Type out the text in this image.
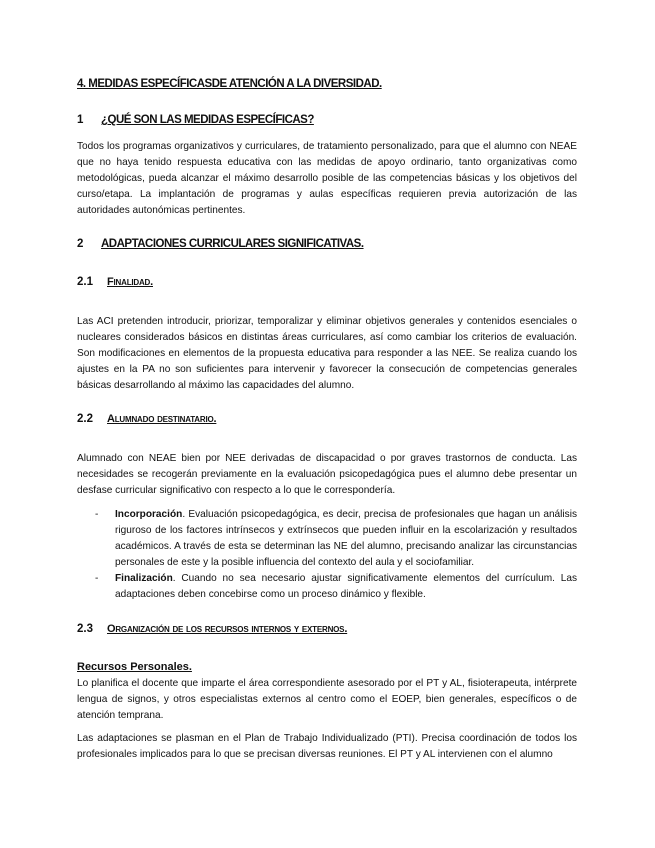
4. MEDIDAS ESPECÍFICASDE ATENCIÓN A LA DIVERSIDAD.
1 ¿QUÉ SON LAS MEDIDAS ESPECÍFICAS?

Todos los programas organizativos y curriculares, de tratamiento personalizado, para que el alumno con NEAE que no haya tenido respuesta educativa con las medidas de apoyo ordinario, tanto organizativas como metodológicas, pueda alcanzar el máximo desarrollo posible de las competencias básicas y los objetivos del curso/etapa. La implantación de programas y aulas específicas requieren previa autorización de las autoridades autonómicas pertinentes.

2 ADAPTACIONES CURRICULARES SIGNIFICATIVAS.
2.1 Finalidad.

Las ACI pretenden introducir, priorizar, temporalizar y eliminar objetivos generales y contenidos esenciales o nucleares considerados básicos en distintas áreas curriculares, así como cambiar los criterios de evaluación. Son modificaciones en elementos de la propuesta educativa para responder a las NEE. Se realiza cuando los ajustes en la PA no son suficientes para intervenir y favorecer la consecución de competencias generales básicas desarrollando al máximo las capacidades del alumno.

2.2 Alumnado destinatario.

Alumnado con NEAE bien por NEE derivadas de discapacidad o por graves trastornos de conducta. Las necesidades se recogerán previamente en la evaluación psicopedagógica pues el alumno debe presentar un desfase curricular significativo con respecto a lo que le correspondería.

- Incorporación. Evaluación psicopedagógica, es decir, precisa de profesionales que hagan un análisis riguroso de los factores intrínsecos y extrínsecos que pueden influir en la escolarización y resultados académicos. A través de esta se determinan las NE del alumno, precisando analizar las circunstancias personales de este y la posible influencia del contexto del aula y el sociofamiliar.
- Finalización. Cuando no sea necesario ajustar significativamente elementos del currículum. Las adaptaciones deben concebirse como un proceso dinámico y flexible.
2.3 Organización de los recursos internos y externos.
Recursos Personales.

Lo planifica el docente que imparte el área correspondiente asesorado por el PT y AL, fisioterapeuta, intérprete lengua de signos, y otros especialistas externos al centro como el EOEP, bien generales, específicos o de atención temprana.

Las adaptaciones se plasman en el Plan de Trabajo Individualizado (PTI). Precisa coordinación de todos los profesionales implicados para lo que se precisan diversas reuniones. El PT y AL intervienen con el alumno
